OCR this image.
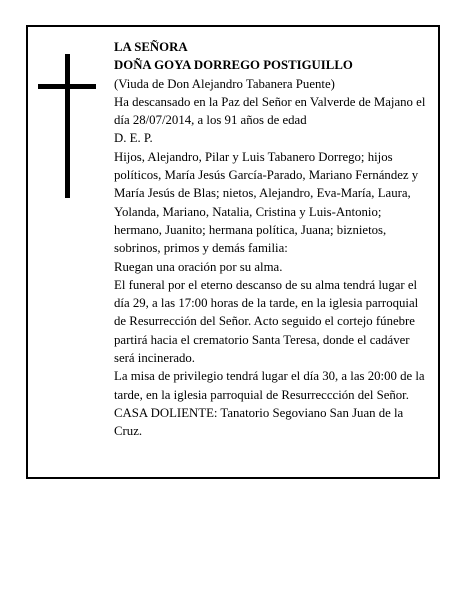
LA SEÑORA

DOÑA GOYA DORREGO POSTIGUILLO

(Viuda de Don Alejandro Tabanera Puente)

Ha descansado en la Paz del Señor en Valverde de Majano el día 28/07/2014, a los 91 años de edad

D. E. P.

Hijos, Alejandro, Pilar y Luis Tabanero Dorrego; hijos políticos, María Jesús García-Parado, Mariano Fernández y María Jesús de Blas; nietos, Alejandro, Eva-María, Laura, Yolanda, Mariano, Natalia, Cristina y Luis-Antonio; hermano, Juanito; hermana política, Juana; biznietos, sobrinos, primos y demás familia:

Ruegan una oración por su alma.

El funeral por el eterno descanso de su alma tendrá lugar el día 29, a las 17:00 horas de la tarde, en la iglesia parroquial de Resurrección del Señor. Acto seguido el cortejo fúnebre partirá hacia el crematorio Santa Teresa, donde el cadáver será incinerado.

La misa de privilegio tendrá lugar el día 30, a las 20:00 de la tarde, en la iglesia parroquial de Resurreccción del Señor.

CASA DOLIENTE: Tanatorio Segoviano San Juan de la Cruz.
